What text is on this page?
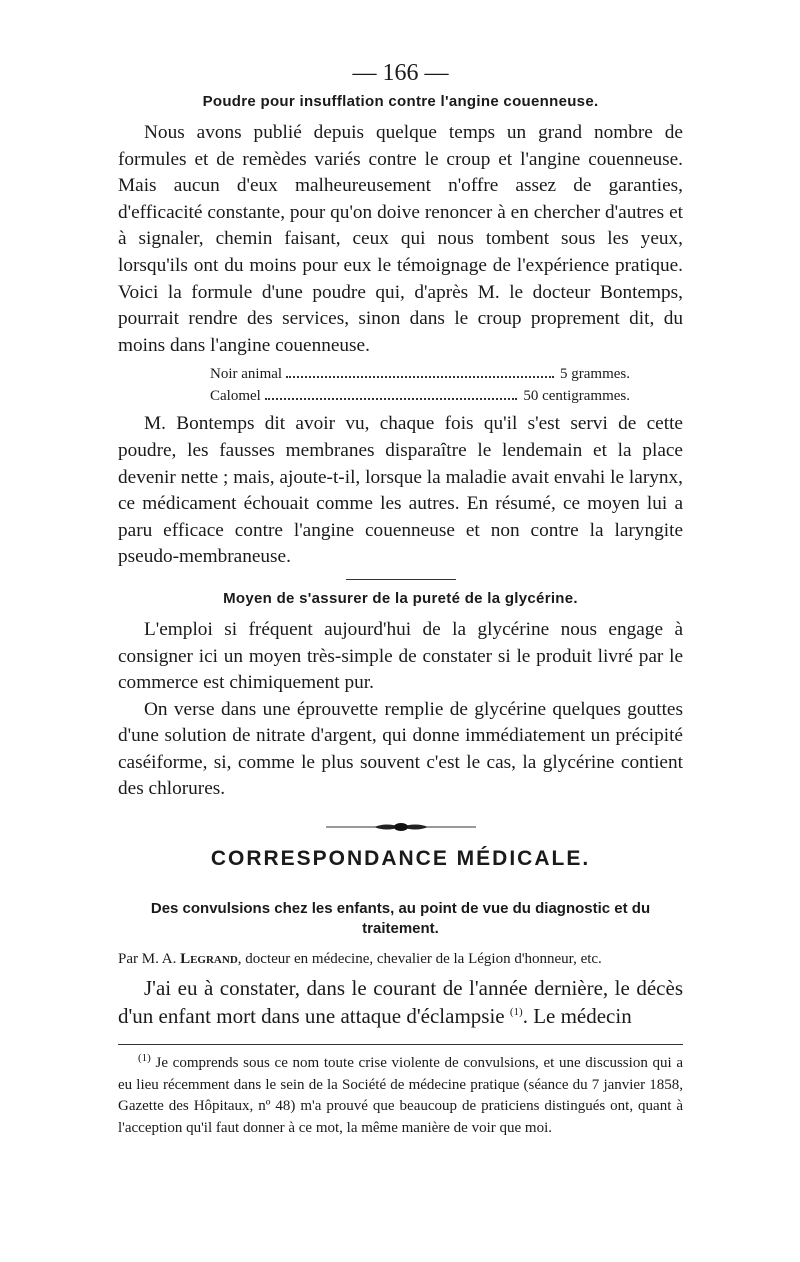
— 166 —
Poudre pour insufflation contre l'angine couenneuse.

Nous avons publié depuis quelque temps un grand nombre de formules et de remèdes variés contre le croup et l'angine couenneuse. Mais aucun d'eux malheureusement n'offre assez de garanties, d'efficacité constante, pour qu'on doive renoncer à en chercher d'autres et à signaler, chemin faisant, ceux qui nous tombent sous les yeux, lorsqu'ils ont du moins pour eux le témoignage de l'expérience pratique. Voici la formule d'une poudre qui, d'après M. le docteur Bontemps, pourrait rendre des services, sinon dans le croup proprement dit, du moins dans l'angine couenneuse.

Noir animal	5 grammes.
Calomel	50 centigrammes.

M. Bontemps dit avoir vu, chaque fois qu'il s'est servi de cette poudre, les fausses membranes disparaître le lendemain et la place devenir nette ; mais, ajoute-t-il, lorsque la maladie avait envahi le larynx, ce médicament échouait comme les autres. En résumé, ce moyen lui a paru efficace contre l'angine couenneuse et non contre la laryngite pseudo-membraneuse.

Moyen de s'assurer de la pureté de la glycérine.

L'emploi si fréquent aujourd'hui de la glycérine nous engage à consigner ici un moyen très-simple de constater si le produit livré par le commerce est chimiquement pur.

On verse dans une éprouvette remplie de glycérine quelques gouttes d'une solution de nitrate d'argent, qui donne immédiatement un précipité caséiforme, si, comme le plus souvent c'est le cas, la glycérine contient des chlorures.

CORRESPONDANCE MÉDICALE.
Des convulsions chez les enfants, au point de vue du diagnostic et du traitement.
Par M. A. Legrand, docteur en médecine, chevalier de la Légion d'honneur, etc.

J'ai eu à constater, dans le courant de l'année dernière, le décès d'un enfant mort dans une attaque d'éclampsie $^{(1)}$. Le médecin

$^{(1)}$ Je comprends sous ce nom toute crise violente de convulsions, et une discussion qui a eu lieu récemment dans le sein de la Société de médecine pratique (séance du 7 janvier 1858, Gazette des Hôpitaux, nº 48) m'a prouvé que beaucoup de praticiens distingués ont, quant à l'acception qu'il faut donner à ce mot, la même manière de voir que moi.
